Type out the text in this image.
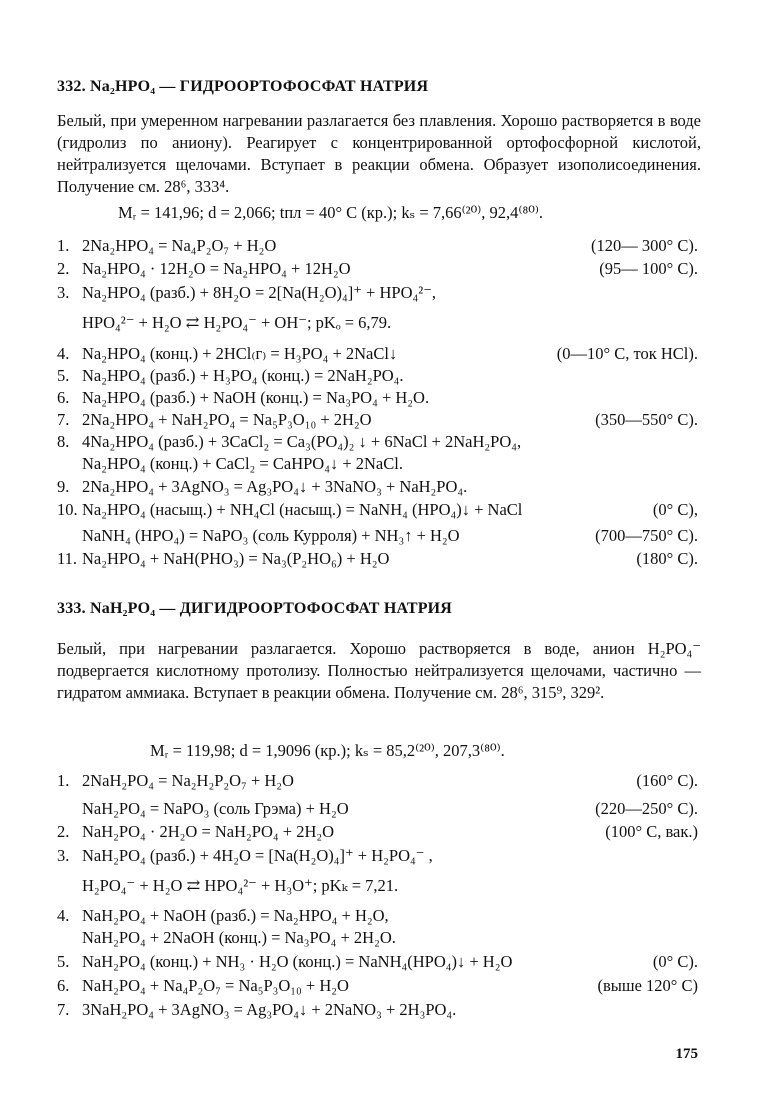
332. Na₂HPO₄ — ГИДРООРТОФОСФАТ НАТРИЯ
Белый, при умеренном нагревании разлагается без плавления. Хорошо растворяется в воде (гидролиз по аниону). Реагирует с концентрированной ортофосфорной кислотой, нейтрализуется щелочами. Вступает в реакции обмена. Образует изополисоединения. Получение см. 28⁶, 333⁴.
Mᵣ = 141,96; d = 2,066; tпл = 40° C (кр.); kₛ = 7,66⁽²⁰⁾, 92,4⁽⁸⁰⁾.
1. 2Na₂HPO₄ = Na₄P₂O₇ + H₂O	(120— 300° C).
2. Na₂HPO₄ · 12H₂O = Na₂HPO₄ + 12H₂O	(95— 100° C).
3. Na₂HPO₄ (разб.) + 8H₂O = 2[Na(H₂O)₄]⁺ + HPO₄²⁻,
HPO₄²⁻ + H₂O ⇄ H₂PO₄⁻ + OH⁻; pKₒ = 6,79.
4. Na₂HPO₄ (конц.) + 2HCl₍г₎ = H₃PO₄ + 2NaCl↓	(0—10° C, ток HCl).
5. Na₂HPO₄ (разб.) + H₃PO₄ (конц.) = 2NaH₂PO₄.
6. Na₂HPO₄ (разб.) + NaOH (конц.) = Na₃PO₄ + H₂O.
7. 2Na₂HPO₄ + NaH₂PO₄ = Na₅P₃O₁₀ + 2H₂O	(350—550° C).
8. 4Na₂HPO₄ (разб.) + 3CaCl₂ = Ca₃(PO₄)₂ ↓ + 6NaCl + 2NaH₂PO₄,
Na₂HPO₄ (конц.) + CaCl₂ = CaHPO₄↓ + 2NaCl.
9. 2Na₂HPO₄ + 3AgNO₃ = Ag₃PO₄↓ + 3NaNO₃ + NaH₂PO₄.
10. Na₂HPO₄ (насыщ.) + NH₄Cl (насыщ.) = NaNH₄ (HPO₄)↓ + NaCl	(0° C),
NaNH₄ (HPO₄) = NaPO₃ (соль Курроля) + NH₃↑ + H₂O	(700—750° C).
11. Na₂HPO₄ + NaH(PHO₃) = Na₃(P₂HO₆) + H₂O	(180° C).
333. NaH₂PO₄ — ДИГИДРООРТОФОСФАТ НАТРИЯ
Белый, при нагревании разлагается. Хорошо растворяется в воде, анион H₂PO₄⁻ подвергается кислотному протолизу. Полностью нейтрализуется щелочами, частично — гидратом аммиака. Вступает в реакции обмена. Получение см. 28⁶, 315⁹, 329².
Mᵣ = 119,98; d = 1,9096 (кр.); kₛ = 85,2⁽²⁰⁾, 207,3⁽⁸⁰⁾.
1. 2NaH₂PO₄ = Na₂H₂P₂O₇ + H₂O	(160° C).
NaH₂PO₄ = NaPO₃ (соль Грэма) + H₂O	(220—250° C).
2. NaH₂PO₄ · 2H₂O = NaH₂PO₄ + 2H₂O	(100° C, вак.)
3. NaH₂PO₄ (разб.) + 4H₂O = [Na(H₂O)₄]⁺ + H₂PO₄⁻ ,
H₂PO₄⁻ + H₂O ⇄ HPO₄²⁻ + H₃O⁺; pKₖ = 7,21.
4. NaH₂PO₄ + NaOH (разб.) = Na₂HPO₄ + H₂O,
NaH₂PO₄ + 2NaOH (конц.) = Na₃PO₄ + 2H₂O.
5. NaH₂PO₄ (конц.) + NH₃ · H₂O (конц.) = NaNH₄(HPO₄)↓ + H₂O	(0° C).
6. NaH₂PO₄ + Na₄P₂O₇ = Na₅P₃O₁₀ + H₂O	(выше 120° C)
7. 3NaH₂PO₄ + 3AgNO₃ = Ag₃PO₄↓ + 2NaNO₃ + 2H₃PO₄.
175
